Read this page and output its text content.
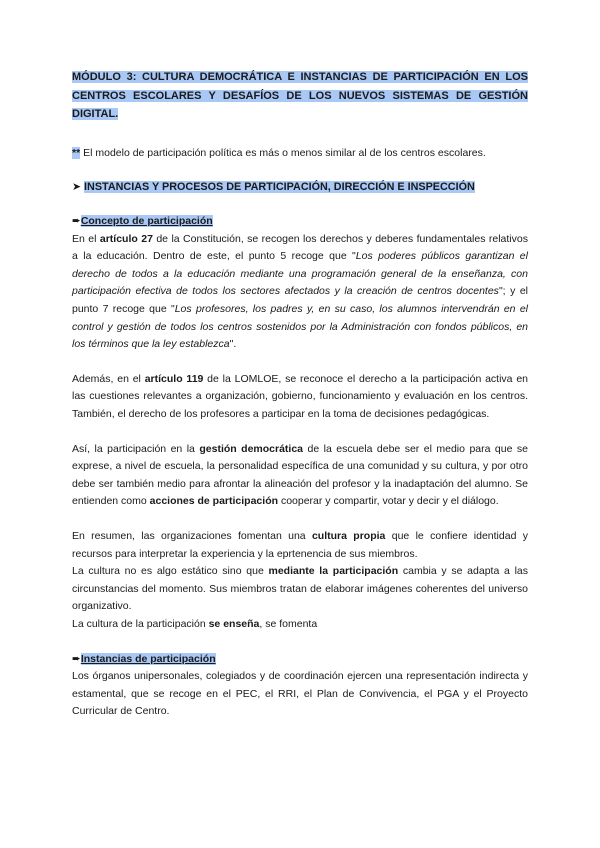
MÓDULO 3: CULTURA DEMOCRÁTICA E INSTANCIAS DE PARTICIPACIÓN EN LOS CENTROS ESCOLARES Y DESAFÍOS DE LOS NUEVOS SISTEMAS DE GESTIÓN DIGITAL.

** El modelo de participación política es más o menos similar al de los centros escolares.

➤ INSTANCIAS Y PROCESOS DE PARTICIPACIÓN, DIRECCIÓN E INSPECCIÓN

➨Concepto de participación

En el artículo 27 de la Constitución, se recogen los derechos y deberes fundamentales relativos a la educación. Dentro de este, el punto 5 recoge que "Los poderes públicos garantizan el derecho de todos a la educación mediante una programación general de la enseñanza, con participación efectiva de todos los sectores afectados y la creación de centros docentes"; y el punto 7 recoge que "Los profesores, los padres y, en su caso, los alumnos intervendrán en el control y gestión de todos los centros sostenidos por la Administración con fondos públicos, en los términos que la ley establezca".

Además, en el artículo 119 de la LOMLOE, se reconoce el derecho a la participación activa en las cuestiones relevantes a organización, gobierno, funcionamiento y evaluación en los centros. También, el derecho de los profesores a participar en la toma de decisiones pedagógicas.

Así, la participación en la gestión democrática de la escuela debe ser el medio para que se exprese, a nivel de escuela, la personalidad específica de una comunidad y su cultura, y por otro debe ser también medio para afrontar la alineación del profesor y la inadaptación del alumno. Se entienden como acciones de participación cooperar y compartir, votar y decir y el diálogo.

En resumen, las organizaciones fomentan una cultura propia que le confiere identidad y recursos para interpretar la experiencia y la eprtenencia de sus miembros.

La cultura no es algo estático sino que mediante la participación cambia y se adapta a las circunstancias del momento. Sus miembros tratan de elaborar imágenes coherentes del universo organizativo.

La cultura de la participación se enseña, se fomenta

➨Instancias de participación

Los órganos unipersonales, colegiados y de coordinación ejercen una representación indirecta y estamental, que se recoge en el PEC, el RRI, el Plan de Convivencia, el PGA y el Proyecto Curricular de Centro.
